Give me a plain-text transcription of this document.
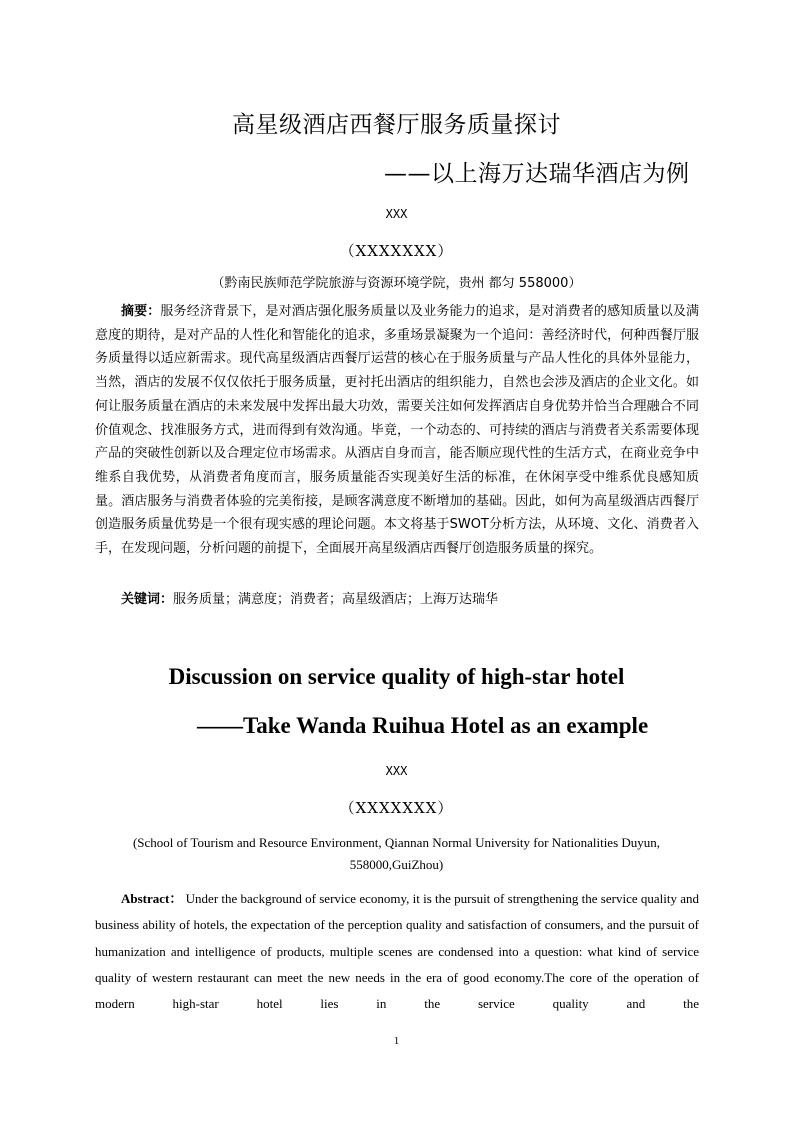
高星级酒店西餐厅服务质量探讨
——以上海万达瑞华酒店为例
XXX
（XXXXXXX）
（黔南民族师范学院旅游与资源环境学院，贵州 都匀 558000）

摘要：服务经济背景下，是对酒店强化服务质量以及业务能力的追求，是对消费者的感知质量以及满意度的期待，是对产品的人性化和智能化的追求，多重场景凝聚为一个追问：善经济时代，何种西餐厅服务质量得以适应新需求。现代高星级酒店西餐厅运营的核心在于服务质量与产品人性化的具体外显能力，当然，酒店的发展不仅仅依托于服务质量，更衬托出酒店的组织能力，自然也会涉及酒店的企业文化。如何让服务质量在酒店的未来发展中发挥出最大功效，需要关注如何发挥酒店自身优势并恰当合理融合不同价值观念、找准服务方式，进而得到有效沟通。毕竟，一个动态的、可持续的酒店与消费者关系需要体现产品的突破性创新以及合理定位市场需求。从酒店自身而言，能否顺应现代性的生活方式，在商业竞争中维系自我优势，从消费者角度而言，服务质量能否实现美好生活的标准，在休闲享受中维系优良感知质量。酒店服务与消费者体验的完美衔接，是顾客满意度不断增加的基础。因此，如何为高星级酒店西餐厅创造服务质量优势是一个很有现实感的理论问题。本文将基于SWOT分析方法，从环境、文化、消费者入手，在发现问题，分析问题的前提下，全面展开高星级酒店西餐厅创造服务质量的探究。

关键词：服务质量；满意度；消费者；高星级酒店；上海万达瑞华

Discussion on service quality of high-star hotel
——Take Wanda Ruihua Hotel as an example
XXX
（XXXXXXX）

(School of Tourism and Resource Environment, Qiannan Normal University for Nationalities Duyun, 558000,GuiZhou)

Abstract： Under the background of service economy, it is the pursuit of strengthening the service quality and business ability of hotels, the expectation of the perception quality and satisfaction of consumers, and the pursuit of humanization and intelligence of products, multiple scenes are condensed into a question: what kind of service quality of western restaurant can meet the new needs in the era of good economy.The core of the operation of modern high-star hotel lies in the service quality and the

1
